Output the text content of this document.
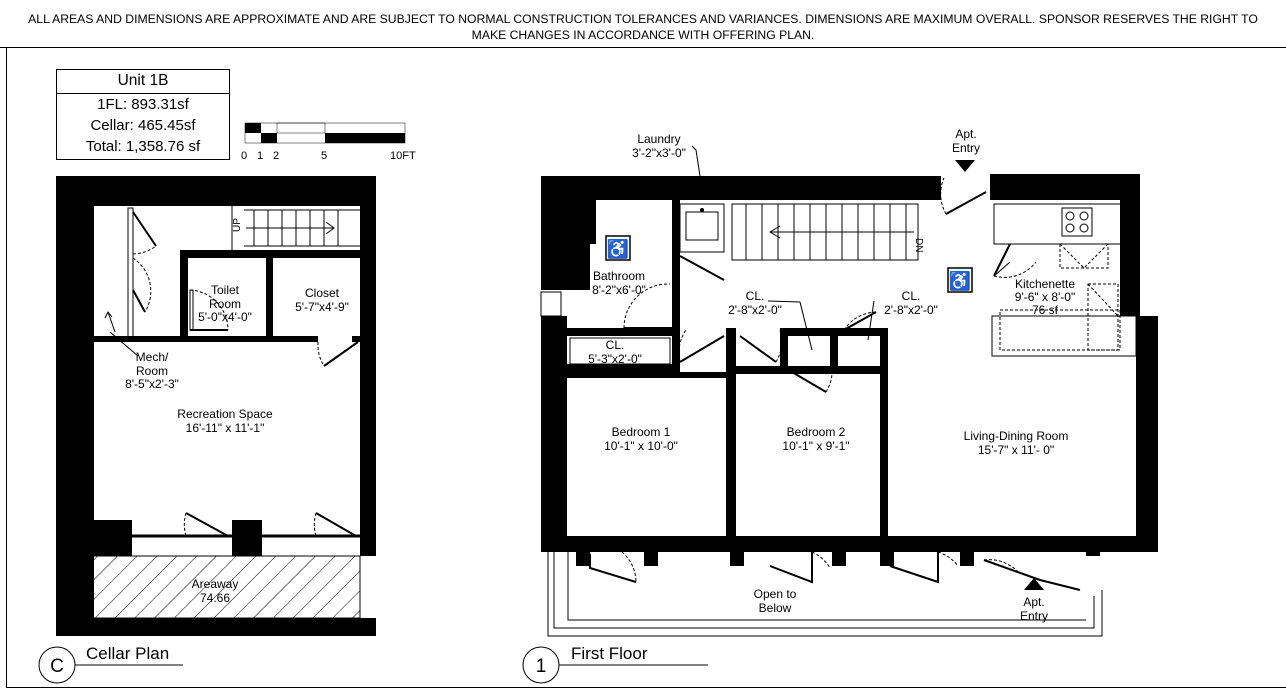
ALL AREAS AND DIMENSIONS ARE APPROXIMATE AND ARE SUBJECT TO NORMAL CONSTRUCTION TOLERANCES AND VARIANCES. DIMENSIONS ARE MAXIMUM OVERALL. SPONSOR RESERVES THE RIGHT TO
MAKE CHANGES IN ACCORDANCE WITH OFFERING PLAN.
Unit 1B
1FL: 893.31sf
Cellar: 465.45sf
Total: 1,358.76 sf
0 1 2	5	10FT
UP
Toilet
Room
5'-0"x4'-0"
Closet
5'-7"x4'-9"
Mech/
Room
8'-5"x2'-3"
Recreation Space
16'-11" x 11'-1"
Areaway
74.66
C
Cellar Plan
DN
♿
♿
Laundry
3'-2"x3'-0"
Apt.
Entry
Bathroom
8'-2"x6'-0"
CL.
5'-3"x2'-0"
CL.
2'-8"x2'-0"
CL.
2'-8"x2'-0"
Kitchenette
9'-6" x 8'-0"
76 sf
Bedroom 1
10'-1" x 10'-0"
Bedroom 2
10'-1" x 9'-1"
Living-Dining Room
15'-7" x 11'- 0"
Open to
Below	Apt.
Entry
1
First Floor
